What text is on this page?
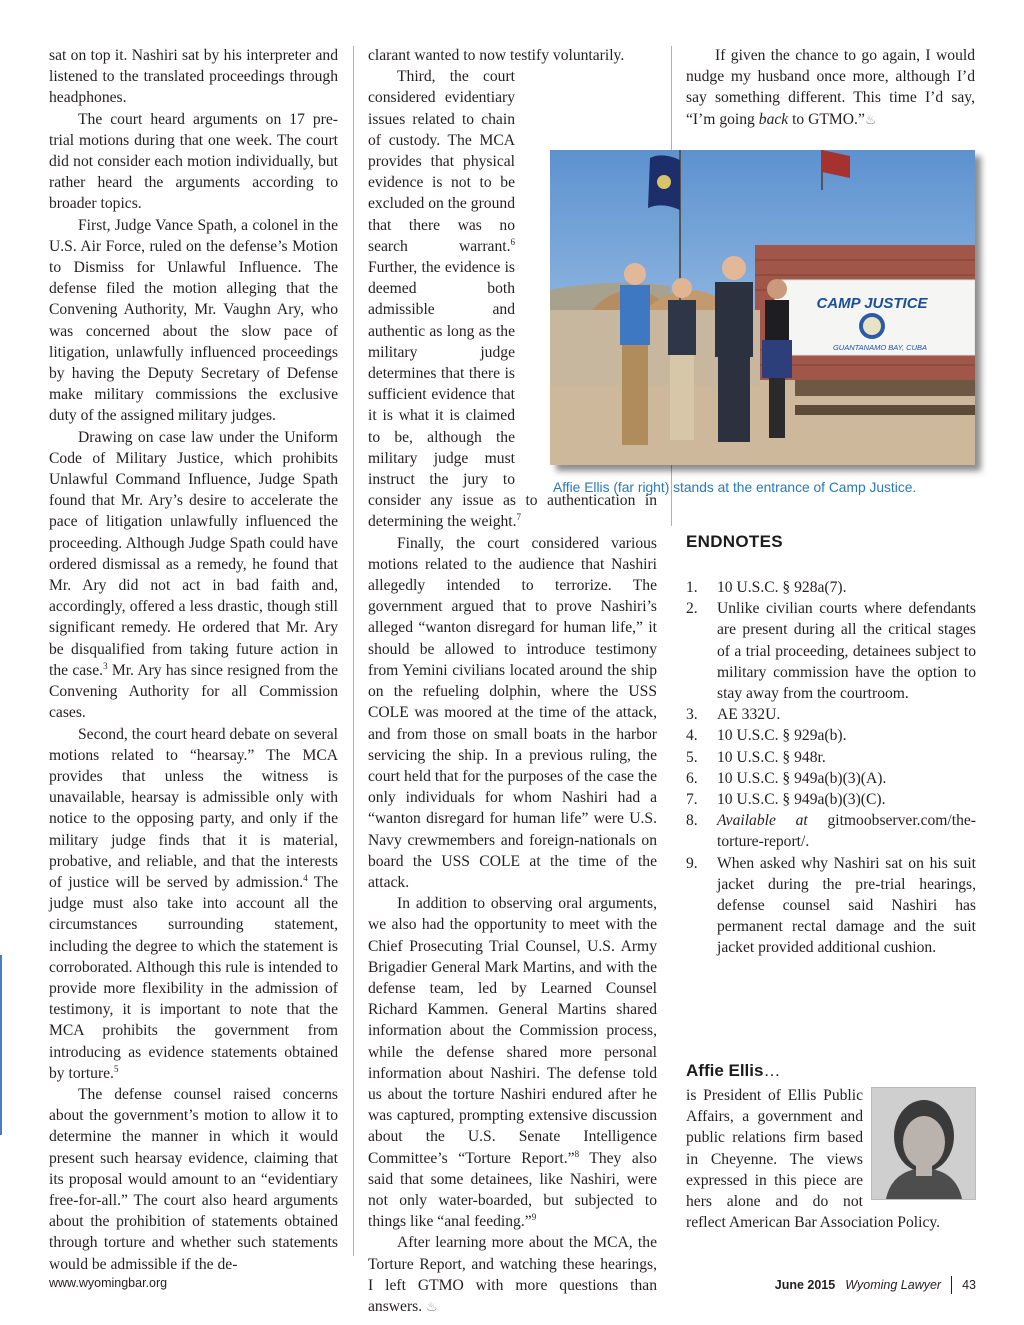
sat on top it. Nashiri sat by his interpreter and listened to the translated proceedings through headphones.

The court heard arguments on 17 pre-trial motions during that one week. The court did not consider each motion individually, but rather heard the arguments according to broader topics.

First, Judge Vance Spath, a colonel in the U.S. Air Force, ruled on the defense’s Motion to Dismiss for Unlawful Influence. The defense filed the motion alleging that the Convening Authority, Mr. Vaughn Ary, who was concerned about the slow pace of litigation, unlawfully influenced proceedings by having the Deputy Secretary of Defense make military commissions the exclusive duty of the assigned military judges.

Drawing on case law under the Uniform Code of Military Justice, which prohibits Unlawful Command Influence, Judge Spath found that Mr. Ary’s desire to accelerate the pace of litigation unlawfully influenced the proceeding. Although Judge Spath could have ordered dismissal as a remedy, he found that Mr. Ary did not act in bad faith and, accordingly, offered a less drastic, though still significant remedy. He ordered that Mr. Ary be disqualified from taking future action in the case.$^3$ Mr. Ary has since resigned from the Convening Authority for all Commission cases.

Second, the court heard debate on several motions related to “hearsay.” The MCA provides that unless the witness is unavailable, hearsay is admissible only with notice to the opposing party, and only if the military judge finds that it is material, probative, and reliable, and that the interests of justice will be served by admission.$^4$ The judge must also take into account all the circumstances surrounding statement, including the degree to which the statement is corroborated. Although this rule is intended to provide more flexibility in the admission of testimony, it is important to note that the MCA prohibits the government from introducing as evidence statements obtained by torture.$^5$

The defense counsel raised concerns about the government’s motion to allow it to determine the manner in which it would present such hearsay evidence, claiming that its proposal would amount to an “evidentiary free-for-all.” The court also heard arguments about the prohibition of statements obtained through torture and whether such statements would be admissible if the de-

clarant wanted to now testify voluntarily.

Third, the court considered evidentiary issues related to chain of custody. The MCA provides that physical evidence is not to be excluded on the ground that there was no search warrant.$^6$ Further, the evidence is deemed both admissible and authentic as long as the military judge determines that there is sufficient evidence that it is what it is claimed to be, although the military judge must instruct the jury to consider any issue as to authentication in determining the weight.$^7$

Finally, the court considered various motions related to the audience that Nashiri allegedly intended to terrorize. The government argued that to prove Nashiri’s alleged “wanton disregard for human life,” it should be allowed to introduce testimony from Yemini civilians located around the ship on the refueling dolphin, where the USS COLE was moored at the time of the attack, and from those on small boats in the harbor servicing the ship. In a previous ruling, the court held that for the purposes of the case the only individuals for whom Nashiri had a “wanton disregard for human life” were U.S. Navy crewmembers and foreign-nationals on board the USS COLE at the time of the attack.

In addition to observing oral arguments, we also had the opportunity to meet with the Chief Prosecuting Trial Counsel, U.S. Army Brigadier General Mark Martins, and with the defense team, led by Learned Counsel Richard Kammen. General Martins shared information about the Commission process, while the defense shared more personal information about Nashiri. The defense told us about the torture Nashiri endured after he was captured, prompting extensive discussion about the U.S. Senate Intelligence Committee’s “Torture Report.”$^8$ They also said that some detainees, like Nashiri, were not only water-boarded, but subjected to things like “anal feeding.”$^9$

After learning more about the MCA, the Torture Report, and watching these hearings, I left GTMO with more questions than answers. ♨

If given the chance to go again, I would nudge my husband once more, although I’d say something different. This time I’d say, “I’m going back to GTMO.”♨

CAMP JUSTICE
GUANTANAMO BAY, CUBA
Affie Ellis (far right) stands at the entrance of Camp Justice.
ENDNOTES
1. 10 U.S.C. § 928a(7).
2. Unlike civilian courts where defendants are present during all the critical stages of a trial proceeding, detainees subject to military commission have the option to stay away from the courtroom.
3. AE 332U.
4. 10 U.S.C. § 929a(b).
5. 10 U.S.C. § 948r.
6. 10 U.S.C. § 949a(b)(3)(A).
7. 10 U.S.C. § 949a(b)(3)(C).
8. Available at gitmoobserver.com/the-torture-report/.
9. When asked why Nashiri sat on his suit jacket during the pre-trial hearings, defense counsel said Nashiri has permanent rectal damage and the suit jacket provided additional cushion.
Affie Ellis…
is President of Ellis Public Affairs, a government and public relations firm based in Cheyenne. The views expressed in this piece are hers alone and do not reflect American Bar Association Policy.
www.wyomingbar.org	June 2015 Wyoming Lawyer 43
